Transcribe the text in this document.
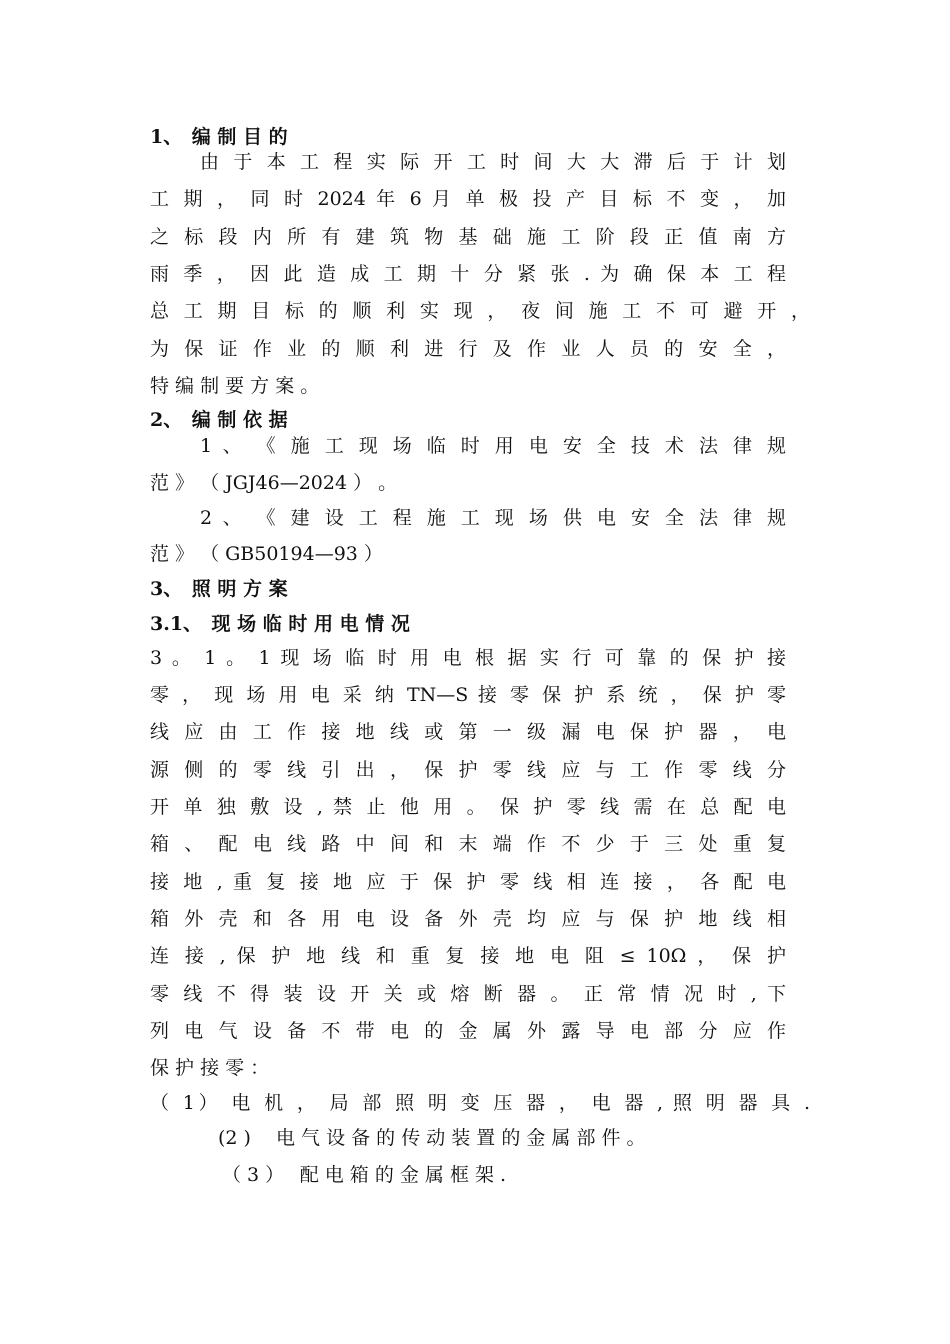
1、　编 制 目 的
由 于 本 工 程 实 际 开 工 时 间 大 大 滞 后 于 计 划
工 期 ， 同 时 2024 年 6 月 单 极 投 产 目 标 不 变 ， 加
之 标 段 内 所 有 建 筑 物 基 础 施 工 阶 段 正 值 南 方
雨 季 ， 因 此 造 成 工 期 十 分 紧 张 . 为 确 保 本 工 程
总 工 期 目 标 的 顺 利 实 现 ， 夜 间 施 工 不 可 避 开 ，
为 保 证 作 业 的 顺 利 进 行 及 作 业 人 员 的 安 全 ，
特 编 制 要 方 案 。
2、　编 制 依 据
1 、 《 施 工 现 场 临 时 用 电 安 全 技 术 法 律 规
范 》 （ JGJ46—2024 ） 。
2 、 《 建 设 工 程 施 工 现 场 供 电 安 全 法 律 规
范 》 （ GB50194—93 ）
3、　照 明 方 案
3.1、　现 场 临 时 用 电 情 况
3 。 1 。 1 现 场 临 时 用 电 根 据 实 行 可 靠 的 保 护 接
零 ， 现 场 用 电 采 纳 TN—S 接 零 保 护 系 统 ， 保 护 零
线 应 由 工 作 接 地 线 或 第 一 级 漏 电 保 护 器 ， 电
源 侧 的 零 线 引 出 ， 保 护 零 线 应 与 工 作 零 线 分
开 单 独 敷 设 , 禁 止 他 用 。 保 护 零 线 需 在 总 配 电
箱 、 配 电 线 路 中 间 和 末 端 作 不 少 于 三 处 重 复
接 地 , 重 复 接 地 应 于 保 护 零 线 相 连 接 ， 各 配 电
箱 外 壳 和 各 用 电 设 备 外 壳 均 应 与 保 护 地 线 相
连 接 , 保 护 地 线 和 重 复 接 地 电 阻 ≤ 10Ω ， 保 护
零 线 不 得 装 设 开 关 或 熔 断 器 。 正 常 情 况 时 , 下
列 电 气 设 备 不 带 电 的 金 属 外 露 导 电 部 分 应 作
保 护 接 零 ：
（ 1） 电 机 ， 局 部 照 明 变 压 器 ， 电 器 , 照 明 器 具 .
(2 )　 电 气 设 备 的 传 动 装 置 的 金 属 部 件 。
（ 3 ）　 配 电 箱 的 金 属 框 架 .
